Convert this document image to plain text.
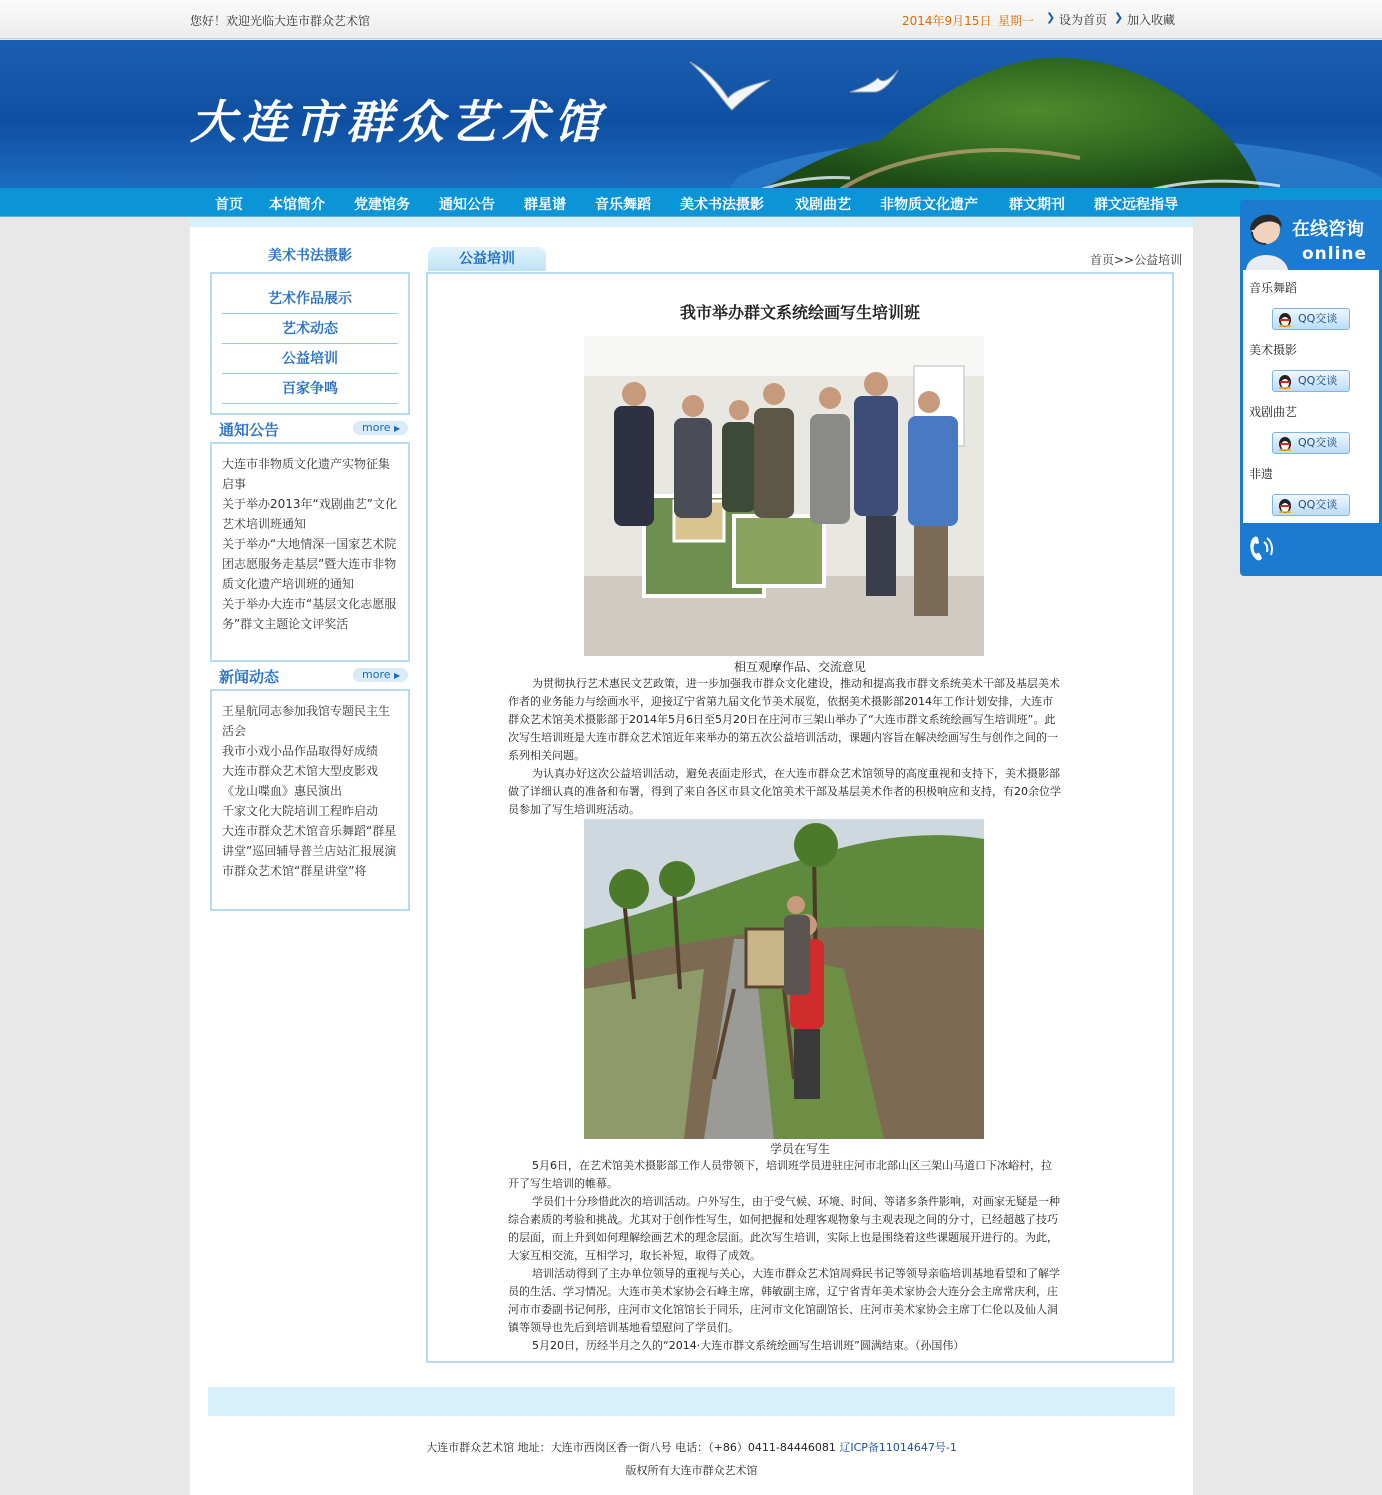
您好！欢迎光临大连市群众艺术馆	2014年9月15日 星期一 ❯ 设为首页 ❯ 加入收藏
大连市群众艺术馆
首页 本馆简介 党建馆务 通知公告 群星谱 音乐舞蹈 美术书法摄影 戏剧曲艺 非物质文化遗产 群文期刊 群文远程指导
美术书法摄影
艺术作品展示
艺术动态
公益培训
百家争鸣
通知公告	more ▶
大连市非物质文化遗产实物征集启事
关于举办2013年“戏剧曲艺”文化艺术培训班通知
关于举办“大地情深一国家艺术院团志愿服务走基层”暨大连市非物质文化遗产培训班的通知
关于举办大连市“基层文化志愿服务”群文主题论文评奖活
新闻动态	more ▶
王星航同志参加我馆专题民主生活会
我市小戏小品作品取得好成绩
大连市群众艺术馆大型皮影戏《龙山喋血》惠民演出
千家文化大院培训工程昨启动
大连市群众艺术馆音乐舞蹈“群星讲堂”巡回辅导普兰店站汇报展演
市群众艺术馆“群星讲堂”将
公益培训	首页>>公益培训
我市举办群文系统绘画写生培训班
相互观摩作品、交流意见
为贯彻执行艺术惠民文艺政策，进一步加强我市群众文化建设，推动和提高我市群文系统美术干部及基层美术作者的业务能力与绘画水平，迎接辽宁省第九届文化节美术展览，依据美术摄影部2014年工作计划安排，大连市群众艺术馆美术摄影部于2014年5月6日至5月20日在庄河市三架山举办了“大连市群文系统绘画写生培训班”。此次写生培训班是大连市群众艺术馆近年来举办的第五次公益培训活动，课题内容旨在解决绘画写生与创作之间的一系列相关问题。
为认真办好这次公益培训活动，避免表面走形式，在大连市群众艺术馆领导的高度重视和支持下，美术摄影部做了详细认真的准备和布署，得到了来自各区市县文化馆美术干部及基层美术作者的积极响应和支持，有20余位学员参加了写生培训班活动。
学员在写生
5月6日，在艺术馆美术摄影部工作人员带领下，培训班学员进驻庄河市北部山区三架山马道口下冰峪村，拉开了写生培训的帷幕。
学员们十分珍惜此次的培训活动。户外写生，由于受气候、环境、时间、等诸多条件影响，对画家无疑是一种综合素质的考验和挑战。尤其对于创作性写生，如何把握和处理客观物象与主观表现之间的分寸，已经超越了技巧的层面，而上升到如何理解绘画艺术的理念层面。此次写生培训，实际上也是围绕着这些课题展开进行的。为此，大家互相交流，互相学习，取长补短，取得了成效。
培训活动得到了主办单位领导的重视与关心，大连市群众艺术馆周舜民书记等领导亲临培训基地看望和了解学员的生活、学习情况。大连市美术家协会石峰主席，韩敏副主席，辽宁省青年美术家协会大连分会主席常庆利，庄河市市委副书记何彤，庄河市文化馆馆长于同乐，庄河市文化馆副馆长、庄河市美术家协会主席丁仁伦以及仙人洞镇等领导也先后到培训基地看望慰问了学员们。
5月20日，历经半月之久的“2014·大连市群文系统绘画写生培训班”圆满结束。（孙国伟）
大连市群众艺术馆 地址：大连市西岗区香一街八号 电话：（+86）0411-84446081 辽ICP备11014647号-1
版权所有大连市群众艺术馆
在线咨询
online
音乐舞蹈
QQ交谈
美术摄影
QQ交谈
戏剧曲艺
QQ交谈
非遗
QQ交谈
